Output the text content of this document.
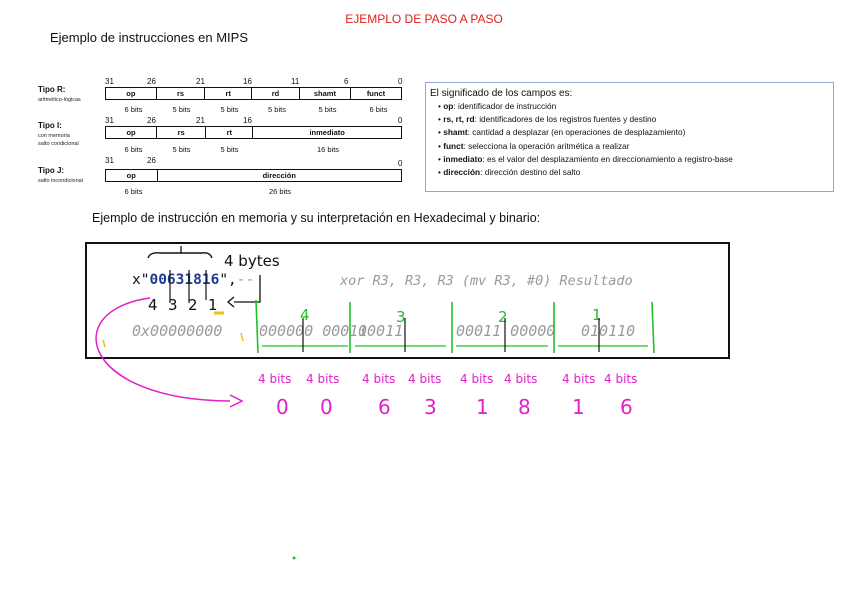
EJEMPLO DE PASO A PASO
Ejemplo de instrucciones en MIPS
Tipo R:
aritmético-lógicas
31	26	21	16	11	6	0
op	rs	rt	rd	shamt	funct
6 bits	5 bits	5 bits	5 bits	5 bits	6 bits
Tipo I:
con memoria
salto condicional
31	26	21	16	0
op	rs	rt	inmediato
6 bits	5 bits	5 bits	16 bits
Tipo J:
salto incondicional
31	26	0
op	dirección
6 bits	26 bits
El significado de los campos es:
• op: identificador de instrucción
• rs, rt, rd: identificadores de los registros fuentes y destino
• shamt: cantidad a desplazar (en operaciones de desplazamiento)
• funct: selecciona la operación aritmética a realizar
• inmediato: es el valor del desplazamiento en direccionamiento a registro-base
• dirección: dirección destino del salto
Ejemplo de instrucción en memoria y su interpretación en Hexadecimal y binario:
x"00631816",--	xor R3, R3, R3 (mv R3, #0) Resultado
0x00000000 000000 00011
00011	00011 00000 010110
4 bytes
4 3 2 1
4	3	2	1
4 bits 4 bits 4 bits 4 bits 4 bits 4 bits 4 bits 4 bits
0 0 6 3 1 8 1 6
